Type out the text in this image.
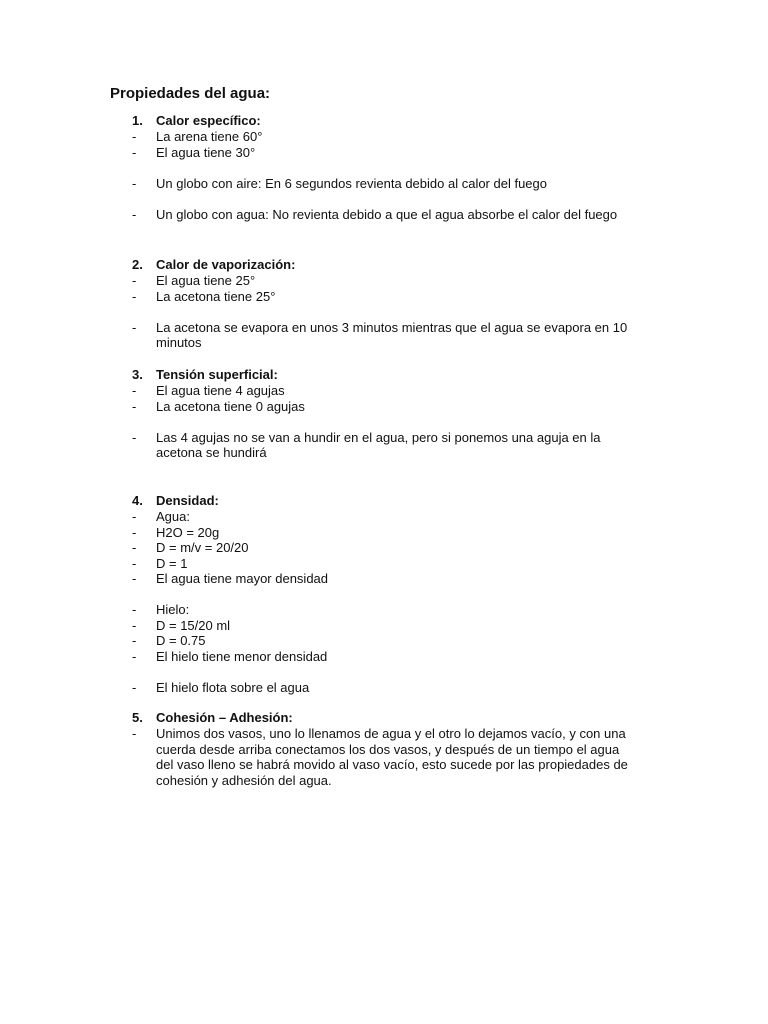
Propiedades del agua:
1.	Calor específico:
-	La arena tiene 60°
-	El agua tiene 30°
-	Un globo con aire: En 6 segundos revienta debido al calor del fuego
-	Un globo con agua: No revienta debido a que el agua absorbe el calor del fuego
2.	Calor de vaporización:
-	El agua tiene 25°
-	La acetona tiene 25°
-	La acetona se evapora en unos 3 minutos mientras que el agua se evapora en 10 minutos
3.	Tensión superficial:
-	El agua tiene 4 agujas
-	La acetona tiene 0 agujas
-	Las 4 agujas no se van a hundir en el agua, pero si ponemos una aguja en la acetona se hundirá
4.	Densidad:
-	Agua:
-	H2O = 20g
-	D = m/v = 20/20
-	D = 1
-	El agua tiene mayor densidad
-	Hielo:
-	D = 15/20 ml
-	D = 0.75
-	El hielo tiene menor densidad
-	El hielo flota sobre el agua
5.	Cohesión – Adhesión:
-	Unimos dos vasos, uno lo llenamos de agua y el otro lo dejamos vacío, y con una cuerda desde arriba conectamos los dos vasos, y después de un tiempo el agua del vaso lleno se habrá movido al vaso vacío, esto sucede por las propiedades de cohesión y adhesión del agua.
